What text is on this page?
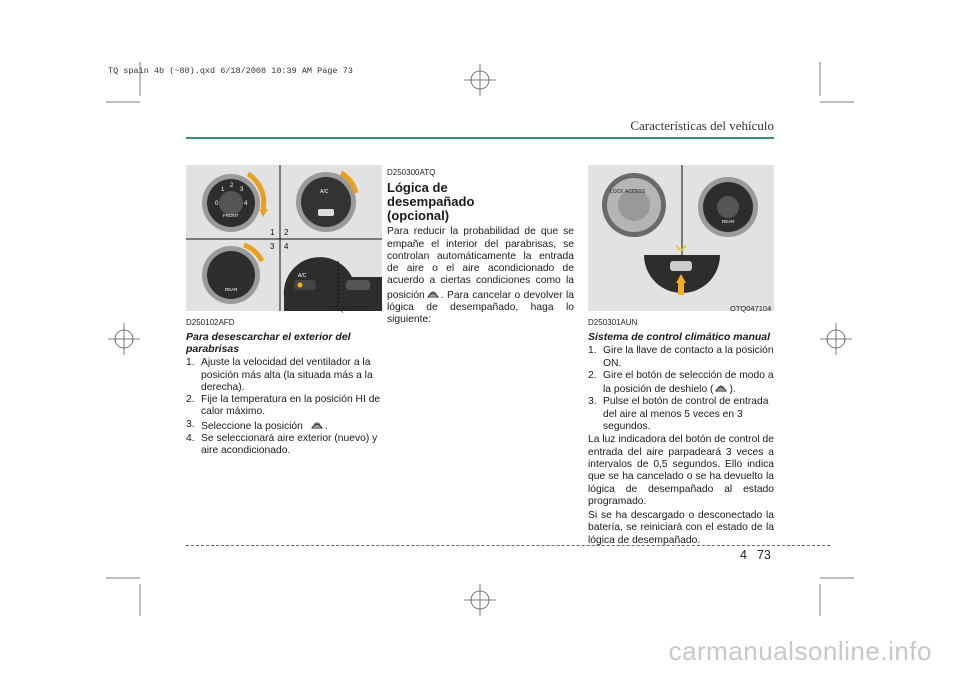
TQ spain 4b (~80).qxd 6/18/2008 10:39 AM Page 73
Características del vehículo
0
1
2
3
4
FRONT
A/C
1 2
3 4
REAR
A/C
OTQ047101
LOCK ACCESS
REAR
OTQ047104
D250102AFD
Para desescarchar el exterior del parabrisas
1. Ajuste la velocidad del ventilador a la posición más alta (la situada más a la derecha).
2. Fije la temperatura en la posición HI de calor máximo.
3. Seleccione la posición .
4. Se seleccionará aire exterior (nuevo) y aire acondicionado.
D250300ATQ
Lógica de desempañado (opcional)

Para reducir la probabilidad de que se empañe el interior del parabrisas, se controlan automáticamente la entrada de aire o el aire acondicionado de acuerdo a ciertas condiciones como la posición . Para cancelar o devolver la lógica de desempañado, haga lo siguiente:	D250301AUN
Sistema de control climático manual
1. Gire la llave de contacto a la posición ON.
2. Gire el botón de selección de modo a la posición de deshielo ( ).
3. Pulse el botón de control de entrada del aire al menos 5 veces en 3 segundos.

La luz indicadora del botón de control de entrada del aire parpadeará 3 veces a intervalos de 0,5 segundos. Ello indica que se ha cancelado o se ha devuelto la lógica de desempañado al estado programado.

Si se ha descargado o desconectado la batería, se reiniciará con el estado de la lógica de desempañado.

4 73
carmanualsonline.info
